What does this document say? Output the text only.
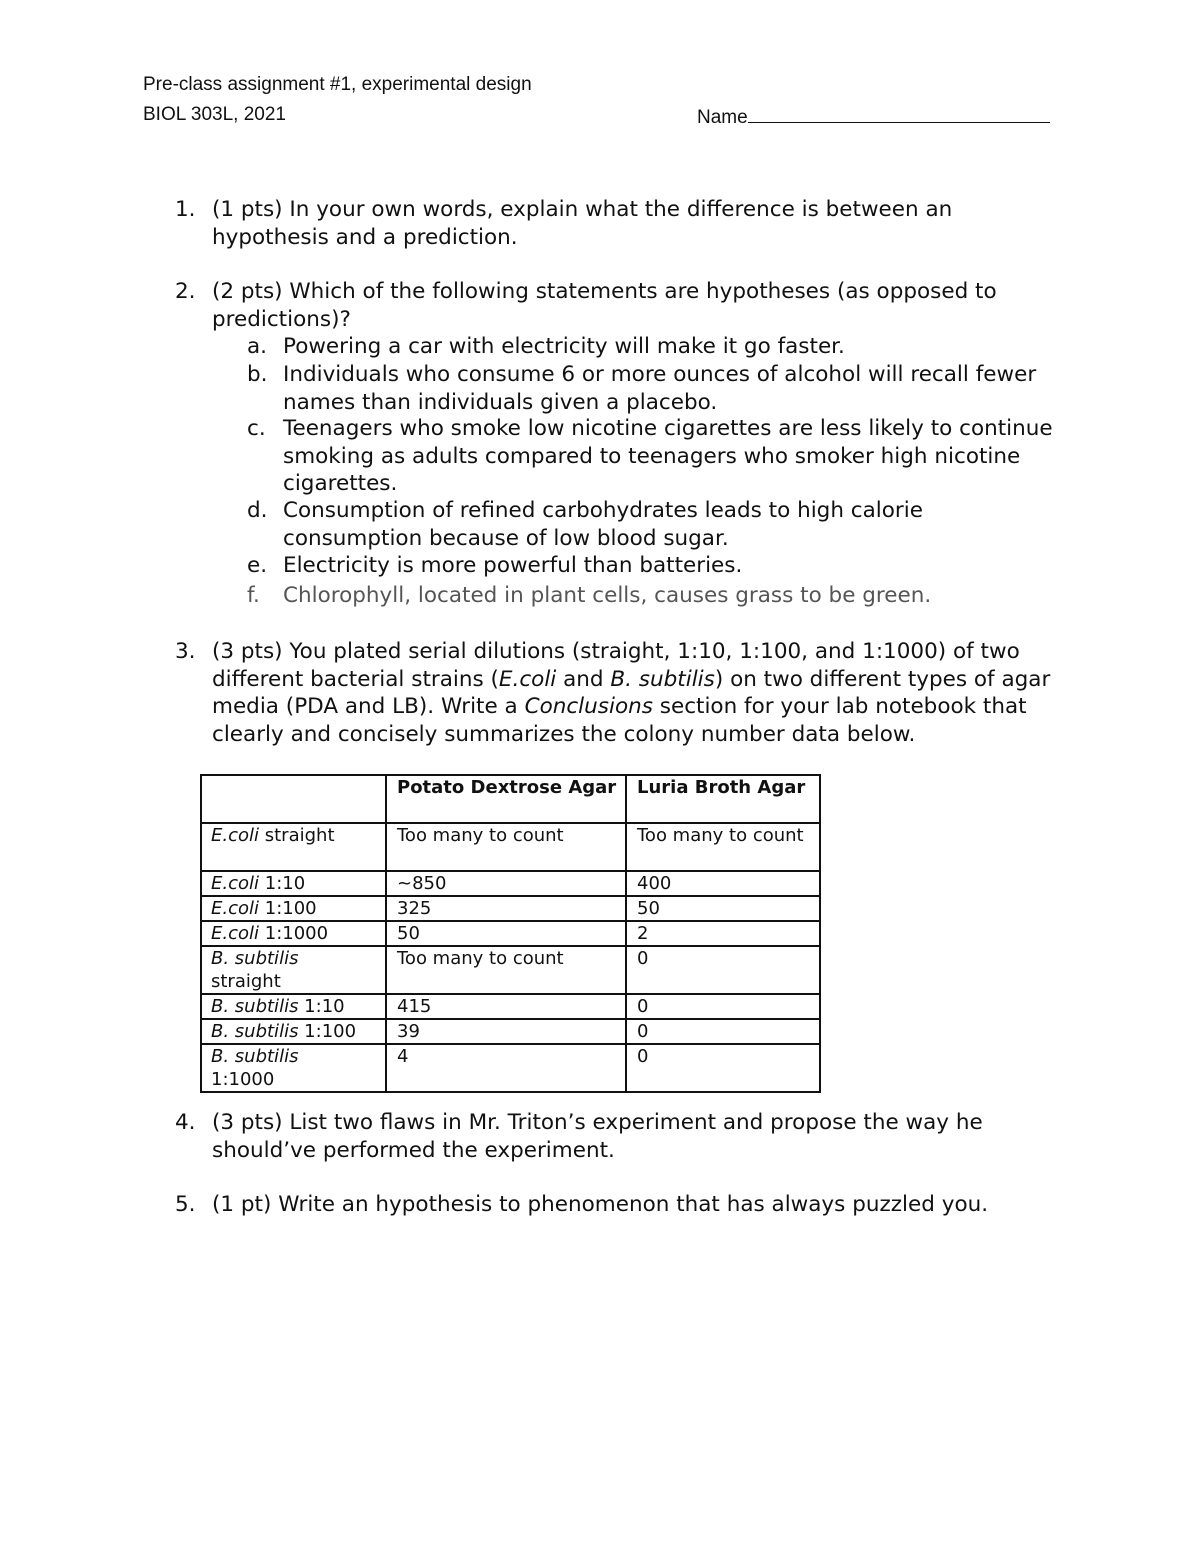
Pre-class assignment #1, experimental design
BIOL 303L, 2021	Name
1. (1 pts) In your own words, explain what the difference is between an hypothesis and a prediction.
2. (2 pts) Which of the following statements are hypotheses (as opposed to predictions)?
a. Powering a car with electricity will make it go faster.
b. Individuals who consume 6 or more ounces of alcohol will recall fewer names than individuals given a placebo.
c. Teenagers who smoke low nicotine cigarettes are less likely to continue smoking as adults compared to teenagers who smoker high nicotine cigarettes.
d. Consumption of refined carbohydrates leads to high calorie consumption because of low blood sugar.
e. Electricity is more powerful than batteries.
f. Chlorophyll, located in plant cells, causes grass to be green.
3. (3 pts) You plated serial dilutions (straight, 1:10, 1:100, and 1:1000) of two different bacterial strains (E.coli and B. subtilis) on two different types of agar media (PDA and LB). Write a Conclusions section for your lab notebook that clearly and concisely summarizes the colony number data below.
	Potato Dextrose Agar	Luria Broth Agar
E.coli straight	Too many to count	Too many to count
E.coli 1:10	~850	400
E.coli 1:100	325	50
E.coli 1:1000	50	2
B. subtilis
straight	Too many to count	0
B. subtilis 1:10	415	0
B. subtilis 1:100	39	0
B. subtilis
1:1000	4	0
4. (3 pts) List two flaws in Mr. Triton’s experiment and propose the way he should’ve performed the experiment.
5. (1 pt) Write an hypothesis to phenomenon that has always puzzled you.
